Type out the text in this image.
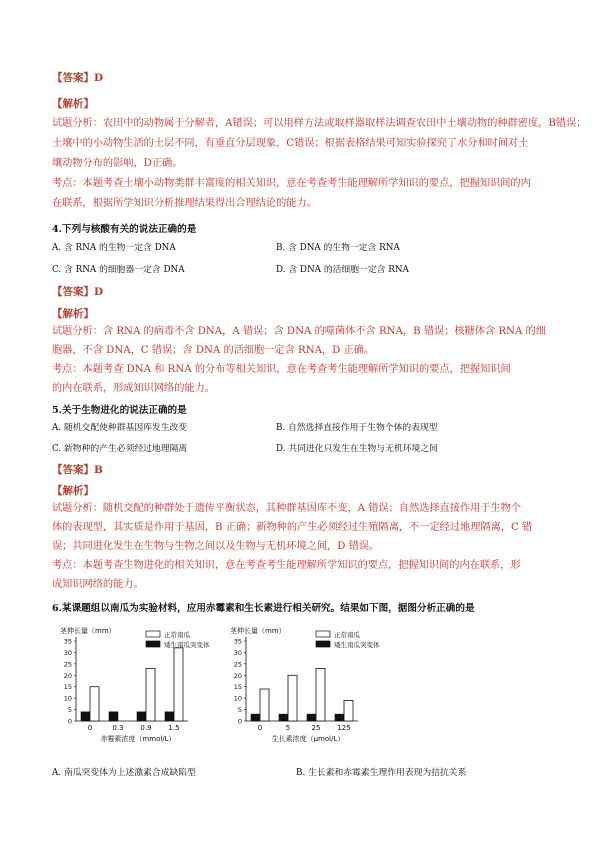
【答案】D
【解析】
试题分析：农田中的动物属于分解者，A错误；可以用样方法或取样器取样法调查农田中土壤动物的种群密度，B错误；
土壤中的小动物生活的土层不同，有垂直分层现象，C错误；根据表格结果可知实验探究了水分和时间对土
壤动物分布的影响，D正确。
考点：本题考查土壤小动物类群丰富度的相关知识，意在考查考生能理解所学知识的要点，把握知识间的内
在联系，根据所学知识分析推理结果得出合理结论的能力。
4.下列与核酸有关的说法正确的是
A. 含 RNA 的生物一定含 DNA	B. 含 DNA 的生物一定含 RNA
C. 含 RNA 的细胞器一定含 DNA	D. 含 DNA 的活细胞一定含 RNA
【答案】D
【解析】
试题分析：含 RNA 的病毒不含 DNA，A 错误；含 DNA 的噬菌体不含 RNA，B 错误；核糖体含 RNA 的细
胞器，不含 DNA，C 错误；含 DNA 的活细胞一定含 RNA，D 正确。
考点：本题考查 DNA 和 RNA 的分布等相关知识，意在考查考生能理解所学知识的要点，把握知识间
的内在联系，形成知识网络的能力。
5.关于生物进化的说法正确的是
A. 随机交配使种群基因库发生改变	B. 自然选择直接作用于生物个体的表现型
C. 新物种的产生必须经过地理隔离	D. 共同进化只发生在生物与无机环境之间
【答案】B
【解析】
试题分析：随机交配的种群处于遗传平衡状态，其种群基因库不变，A 错误；自然选择直接作用于生物个
体的表现型，其实质是作用于基因，B 正确；新物种的产生必须经过生殖隔离，不一定经过地理隔离，C 错
误；共同进化发生在生物与生物之间以及生物与无机环境之间，D 错误。
考点：本题考查生物进化的相关知识，意在考查考生能理解所学知识的要点，把握知识间的内在联系，形
成知识网络的能力。
6.某课题组以南瓜为实验材料，应用赤霉素和生长素进行相关研究。结果如下图，据图分析正确的是
茎伸长量（mm）
0
5
10
15
20
25
30
35
0	0.3 0.9 1.5
赤霉素浓度（mmol/L）
正常南瓜
矮生南瓜突变体
茎伸长量（mm）
0
5
10
15
20
25
30
35
0	5	25 125
生长素浓度（μmol/L）
正常南瓜
矮生南瓜突变体
A. 南瓜突变体为上述激素合成缺陷型	B. 生长素和赤霉素生理作用表现为拮抗关系
